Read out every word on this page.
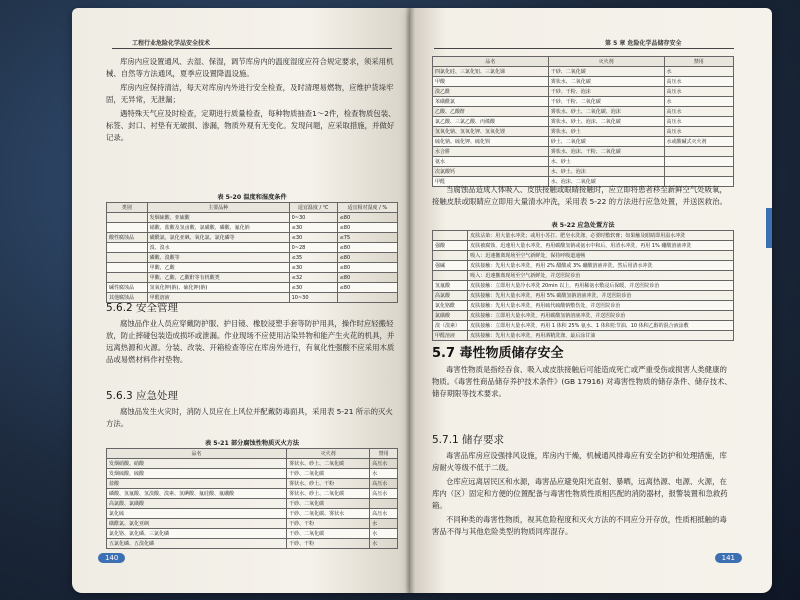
工程行业危险化学品安全技术

库房内应设置通风、去湿、保湿，调节库房内的温度湿度应符合规定要求，须采用机械、自然等方法通风，夏季应设置降温设施。

库房内应保持清洁，每天对库房内外进行安全检查，及时清理易燃物，应维护货垛牢固，无异常，无泄漏；

遇特殊天气应及时检查，定期进行质量检查，每种物质抽查1～2件，检查物质包装、标签、封口、衬垫有无破损、渗漏，物质外观有无变化。发现问题，应采取措施，并做好记录。

表 5-20 温度和湿度条件
类别	主要品种	适宜温度 / ℃	适宜相对湿度 / %
	发烟硫酸、亚硫酸	0~30	≤80
	硝酸、盐酸及氢卤酸、氯磺酸、磷酸、氟化钠	≤30	≤80
酸性腐蚀品	磺酰氯、氯化亚砜、氧化氯、氯化磷等	≤30	≤75
	溴、溴水	0~28	≤80
	磷酸、溴酸等	≤35	≤80
	甲酸、乙酸	≤30	≤80
	甲酸、乙酸、乙酸酐等有机酸类	≤32	≤80
碱性腐蚀品	氢氧化钾(钠)、硫化钾(钠)	≤30	≤80
其他腐蚀品	甲醛溶液	10~30	
5.6.2 安全管理

腐蚀品作业人员应穿戴防护服、护目镜、橡胶浸塑手套等防护用具，操作时应轻搬轻放，防止摔碰包装造成损坏或泄漏。作业现场不应使用沾染异物和能产生火花的机具，并远离热源和火源。分装、改装、开箱检查等应在库房外进行，有氧化性强酸不应采用木质品或易燃材料作衬垫物。

5.6.3 应急处理

腐蚀品发生火灾时，消防人员应在上风位并配戴防毒面具，采用表 5-21 所示的灭火方法。

表 5-21 部分腐蚀性物质灭火方法
品名	灭火剂	禁用
发烟硝酸、硝酸	雾状水、砂土、二氧化碳	高压水
发烟硫酸、硫酸	干砂、二氧化碳	水
盐酸	雾状水、砂土、干粉	高压水
磷酸、氢氟酸、氢溴酸、溴素、氢碘酸、氟硅酸、氟硼酸	雾状水、砂土、二氧化碳	高压水
高氯酸、氯磺酸	干砂、二氧化碳	
氯化硫	干砂、二氧化碳、雾状水	高压水
磺酰氯、氯化亚砜	干砂、干粉	水
氯化铬、氯化磷、三氯化磷	干砂、二氧化碳	水
五氯化磷、五溴化磷	干砂、干粉	水
140
第 5 章 危险化学品储存安全
品名	灭火剂	禁用
四氯化硅、三氯化铝、三氯化锑	干砂、二氧化碳	水
甲酸	雾状水、二氧化碳	高压水
溴乙酰	干砂、干粉、泡沫	高压水
苯磺酰氯	干砂、干粉、二氧化碳	水
乙酸、乙酸酐	雾状水、砂土、二氧化碳、泡沫	高压水
氯乙酸、三氯乙酸、丙烯酸	雾状水、砂土、泡沫、二氧化碳	高压水
氢氧化钠、氢氧化钾、氢氧化锂	雾状水、砂土	高压水
硫化钠、硫化钾、硫化钡	砂土、二氧化碳	水或酸碱式灭火剂
水合肼	雾状水、泡沫、干粉、二氧化碳	
氨水	水、砂土	
次氯酸钙	水、砂土、泡沫	
甲醛	水、泡沫、二氧化碳	

当腐蚀品造成人体吸入、皮肤接触或眼睛接触时，应立即将患者移至新鲜空气处吸氧，接触皮肤或眼睛应立即用大量清水冲洗，采用表 5-22 的方法进行应急处置，并送医救治。

表 5-22 应急处置方法
	皮肤沾染：用大量水冲洗；或用小苏打、肥皂水洗涤，必要时敷软膏；如果触及眼睛即用温水冲洗
强酸	皮肤被腐蚀，迅速用大量水冲洗，再用碳酸氢钠或氨水中和后，用清水冲洗，再用 1% 硼酸溶液冲洗
	吸入：迅速撤离现场至空气新鲜处，保持呼吸道通畅
强碱	皮肤接触：先用大量水冲洗，再用 2% 醋酸或 3% 硼酸溶液冲洗，然后用清水冲洗
	吸入：迅速撤离现场至空气新鲜处，并送医院诊治
氢氟酸	皮肤接触：立即用大量冷水冲洗 20min 以上，再用稀氨水敷浸后保暖，并送医院诊治
高氯酸	皮肤接触：先用大量水冲洗，再用 5% 碳酸氢钠溶液冲洗，并送医院诊治
氯化铬酰	皮肤接触：先用大量水冲洗，再用硫代硫酸钠敷伤处，并送医院诊治
氯磺酸	皮肤接触：立即用大量水冲洗，再用碳酸氢钠溶液冲洗，并送医院诊治
溴（溴素）	皮肤接触：立即用大量水冲洗，再用 1 体积 25% 氨水、1 体积松节油、10 体积乙醇的混合液涂敷
甲醛溶液	皮肤接触：先用大量水冲洗，再用酒精洗涤，最后涂甘油
5.7 毒性物质储存安全

毒害性物质是指经吞食、吸入或皮肤接触后可能造成死亡或严重受伤或损害人类健康的物质。《毒害性商品储存养护技术条件》(GB 17916) 对毒害性物质的储存条件、储存技术、储存期限等技术要求。

5.7.1 储存要求

毒害品库房应设强排风设施，库房内干燥，机械通风排毒应有安全防护和处理措施，库房耐火等级不低于二级。

仓库应远离居民区和水源，毒害品应避免阳光直射、暴晒，远离热源、电源、火源，在库内（区）固定和方便的位置配备与毒害性物质性质相匹配的消防器材，报警装置和急救药箱。

不同种类的毒害性物质，视其危险程度和灭火方法的不同应分开存放，性质相抵触的毒害品不得与其他危险类型的物质同库混存。

141
